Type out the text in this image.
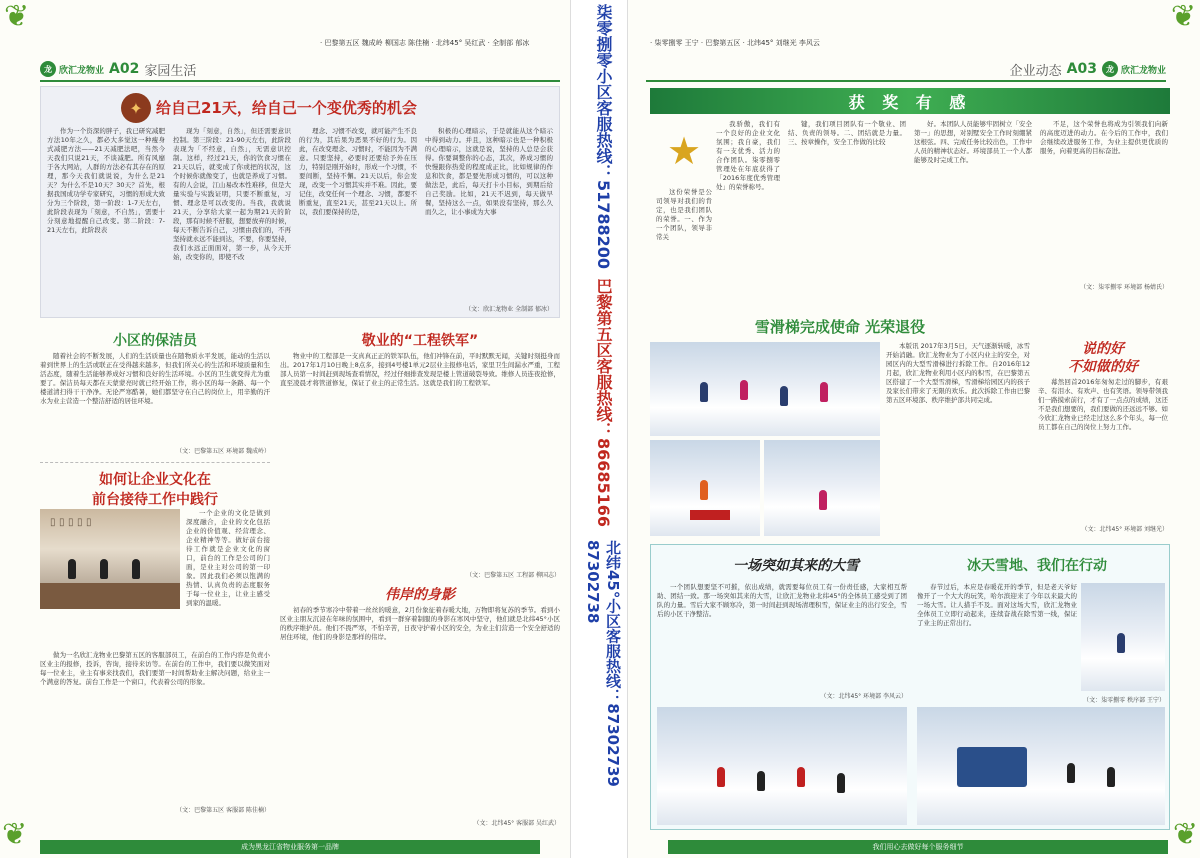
❦
❦
· 巴黎第五区 魏成岭 柳国志 陈佳楠 · 北纬45° 吴红武 · 全制部 郁冰
龙 欣汇龙物业 A02 家园生活
✦ 给自己21天，给自己一个变优秀的机会
作为一个资深的胖子，我已研究减肥方法10年之久，都必大多觉这一种瘦身式减肥方法——21天减肥法吧，当然今天我们只说21天，不谈减肥。所有风靡于各大网站，人群的方法必有其存在的原理，那今天我们就说说，为什么是21天？为什么不是10天？30天？首先，根据我国成功学专家研究，习惯的形成大致分为三个阶段，第一阶段：1-7天左右，此阶段表现为「刻意，不自然」，需要十分刻意地提醒自己改变。第二阶段：7-21天左右，此阶段表
现为「刻意，自然」，但还需要意识控制。第三阶段：21-90天左右，此阶段表现为「不经意，自然」，无需意识控制。这样，经过21天，你的饮食习惯在21天以后，就变成了你或把的状况，这个时候你就像变了，也就是养成了习惯。有的人会说，江山易改本性难移，但是大量实验与实践证明，只要不断重复，习惯、理念是可以改变的。当我，我就说21天，分享给大家一起为期21天的阶段，那有时候不舒服，想要放弃的时候，每天不断告诉自己，习惯由我们的，不再坚持就永远不能到达，不要，你要坚持，我们永远正面面对，第一步，从今天开始，改变你的，即使不改
理念、习惯不改变，就可能产生不良的行为，其后果为恶果不好的行为。因此，在改变理念、习惯时，不能因为不满意。只要坚持，必要时还要给予外在压力，特别是刚开始时，形成一个习惯，不要间断，坚持不懈。21天以后，你会发现，改变一个习惯其实并不难。因此，要记住，改变任何一个理念、习惯，都要不断重复，直至21天，甚至21天以上。所以，我们要保持的是，
积极的心理暗示，于是就能从这个暗示中得到动力。并且，这种暗示也是一种积极的心理暗示，这就是说，坚持的人总是会获得。你要调整你的心态，其次，养成习惯的快慢跟你热爱的程度成正比，比如规律的作息和饮食，都是要先形成习惯的，可以这种做法是，此后，每天打卡小目标，到期后给自己奖励。比如，21天不迟到，每天做早餐，坚持这么一点，如果没有坚持，那么久而久之，让小事成为大事
（文：欣汇龙物业 全制部 郁冰）
小区的保洁员
随着社会的不断发展，人们的生活质量也在随物质水平发展，能动的生活以着到世界上的生活或联正在受得越来越多，但我们所关心的生活和环境质量和生活态度，随着生活能够养成好习惯和良好的生活环境。小区的卫生就变得尤为重要了。保洁员每天都在天蒙蒙亮时就已经开始工作，将小区的每一条路、每一个楼道清扫得干干净净。无论严寒酷暑，她们都坚守在自己的岗位上，用辛勤的汗水为业主营造一个整洁舒适的居住环境。
（文：巴黎第五区 环境部 魏成岭）
如何让企业文化在
前台接待工作中践行
▯ ▯ ▯ ▯ ▯
一个企业的文化是做到深度融合，企业的文化包括企业的价值观、经营理念、企业精神等等。做好前台接待工作就是企业文化的窗口，前台的工作是公司的门面，是业主对公司的第一印象。因此我们必须以饱满的热情、认真负责的态度服务于每一位业主，让业主感受到家的温暖。
做为一名欣汇龙物业巴黎第五区的客服部员工，在前台的工作内容是负责小区业主的报修，投诉，咨询，接待来访等。在前台的工作中，我们要以微笑面对每一位业主，业主有事来找我们，我们要第一时间帮助业主解决问题，给业主一个满意的答复。前台工作是一个窗口，代表着公司的形象。
（文：巴黎第五区 客服部 陈佳楠）
敬业的“工程铁军”
物业中的工程部是一支真真正正的铁军队伍，他们冲锋在前，平时默默无闻，关键时刻挺身而出。2017年1月10日晚上8点多，接到4号楼1单元2层业主报修电话，家里卫生间漏水严重，工程部人员第一时间赶到现场查看情况，经过仔细排查发现是楼上管道破裂导致。维修人员连夜抢修，直至凌晨才将管道修复，保证了业主的正常生活。这就是我们的工程铁军。
（文：巴黎第五区 工程部 柳国志）
伟岸的身影
初春的季节寒冷中带着一丝丝的暖意，2月份象征着春暖大地，万物即将复苏的季节。看到小区业主朋友沉浸在年味的氛围中，看到一群穿着制服的身影在寒风中坚守，他们就是北纬45°小区的秩序维护员。他们不畏严寒，不怕辛苦，日夜守护着小区的安全，为业主们营造一个安全舒适的居住环境，他们的身影是那样的伟岸。
（文：北纬45° 客服部 吴红武）
成为黑龙江省物业服务第一品牌
柒零捌零小区客服热线：51788200
巴黎第五区客服热线：86685166
北纬45°小区客服热线：87302739 87302738
❦
❦
· 柒零捌零 王宁 · 巴黎第五区 · 北纬45° 刘继光 李风云
企业动态 A03	龙 欣汇龙物业
获 奖 有 感
★
我骄傲，我们有一个良好的企业文化氛围；我自豪，我们有一支优秀、活力的合作团队。柒零捌零管理处在年底获得了「2016年度优秀管理处」的荣誉称号。
这份荣誉是公司领导对我们的肯定，也是我们团队的荣誉。一、作为一个团队，领导非常关
键，我们项目团队有一个敬业、团结、负责的领导。二、团结就是力量。三、按章操作，安全工作做的比较
好。本团队人员能够牢固树立「安全第一」的思想，对别墅安全工作时刻绷紧这根弦。四、完成任务比较出色，工作中人员的精神状态好。环境部员工一个人都能够及时完成工作。
不足，这个荣誉也将成为引领我们向新的高度迈进的动力。在今后的工作中，我们会继续改进服务工作，为业主提供更优质的服务，向着更高的目标奋进。
（文：柒零捌零 环境部 杨婧氏）
雪滑梯完成使命 光荣退役
本版讯 2017年3月5日，天气逐渐转暖，冰雪开始消融。欣汇龙物业为了小区内业主的安全，对园区内的大型雪滑梯进行拆除工作。自2016年12月起，欣汇龙物业利用小区内的积雪，在巴黎第五区搭建了一个大型雪滑梯，雪滑梯给园区内的孩子及家长们带来了无限的欢乐。此次拆除工作由巴黎第五区环境部、秩序维护部共同完成。
说的好
不如做的好
幕然回首2016年匆匆走过的脚步，有艰辛、有泪水、有欢声、也有笑语。领导带领我们一路摸索前行，才有了一点点的成绩，这还不是我们想要的，我们要做的还远远不够。如今欣汇龙物业已经走过这么多个年头，每一位员工都在自己的岗位上努力工作。
（文：北纬45° 环境部 刘继光）
一场突如其来的大雪
一个团队想要坚不可摧，依出成绩，就需要每位员工有一份责任感，大家相互帮助、团结一致。那一场突如其来的大雪，让欣汇龙物业北纬45°的全体员工感受到了团队的力量。雪后大家不顾寒冷，第一时间赶到现场清理积雪，保证业主的出行安全，雪后的小区干净整洁。
（文：北纬45° 环境部 李风云）
冰天雪地、我们在行动
春节过后，本应是春暖花开的季节，但是老天爷好像开了一个大大的玩笑，哈尔滨迎来了今年以来最大的一场大雪。让人措手不及。面对这场大雪，欣汇龙物业全体员工立即行动起来，连续奋战在除雪第一线，保证了业主的正常出行。
（文：柒零捌零 秩序部 王宁）
我们用心去做好每个服务细节
